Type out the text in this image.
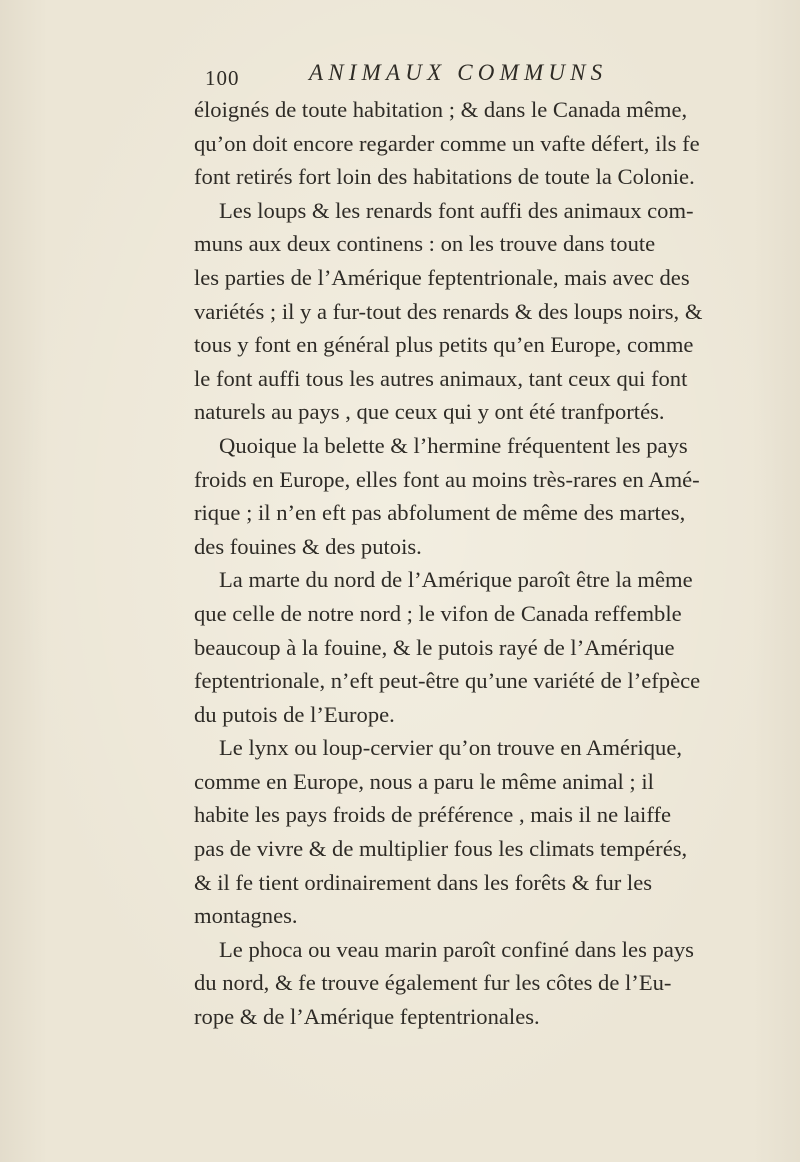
100	ANIMAUX COMMUNS
éloignés de toute habitation ; & dans le Canada même,
qu’on doit encore regarder comme un vafte défert, ils fe
font retirés fort loin des habitations de toute la Colonie.
Les loups & les renards font auffi des animaux com-
muns aux deux continens : on les trouve dans toute
les parties de l’Amérique feptentrionale, mais avec des
variétés ; il y a fur-tout des renards & des loups noirs, &
tous y font en général plus petits qu’en Europe, comme
le font auffi tous les autres animaux, tant ceux qui font
naturels au pays , que ceux qui y ont été tranfportés.
Quoique la belette & l’hermine fréquentent les pays
froids en Europe, elles font au moins très-rares en Amé-
rique ; il n’en eft pas abfolument de même des martes,
des fouines & des putois.
La marte du nord de l’Amérique paroît être la même
que celle de notre nord ; le vifon de Canada reffemble
beaucoup à la fouine, & le putois rayé de l’Amérique
feptentrionale, n’eft peut-être qu’une variété de l’efpèce
du putois de l’Europe.
Le lynx ou loup-cervier qu’on trouve en Amérique,
comme en Europe, nous a paru le même animal ; il
habite les pays froids de préférence , mais il ne laiffe
pas de vivre & de multiplier fous les climats tempérés,
& il fe tient ordinairement dans les forêts & fur les
montagnes.
Le phoca ou veau marin paroît confiné dans les pays
du nord, & fe trouve également fur les côtes de l’Eu-
rope & de l’Amérique feptentrionales.
